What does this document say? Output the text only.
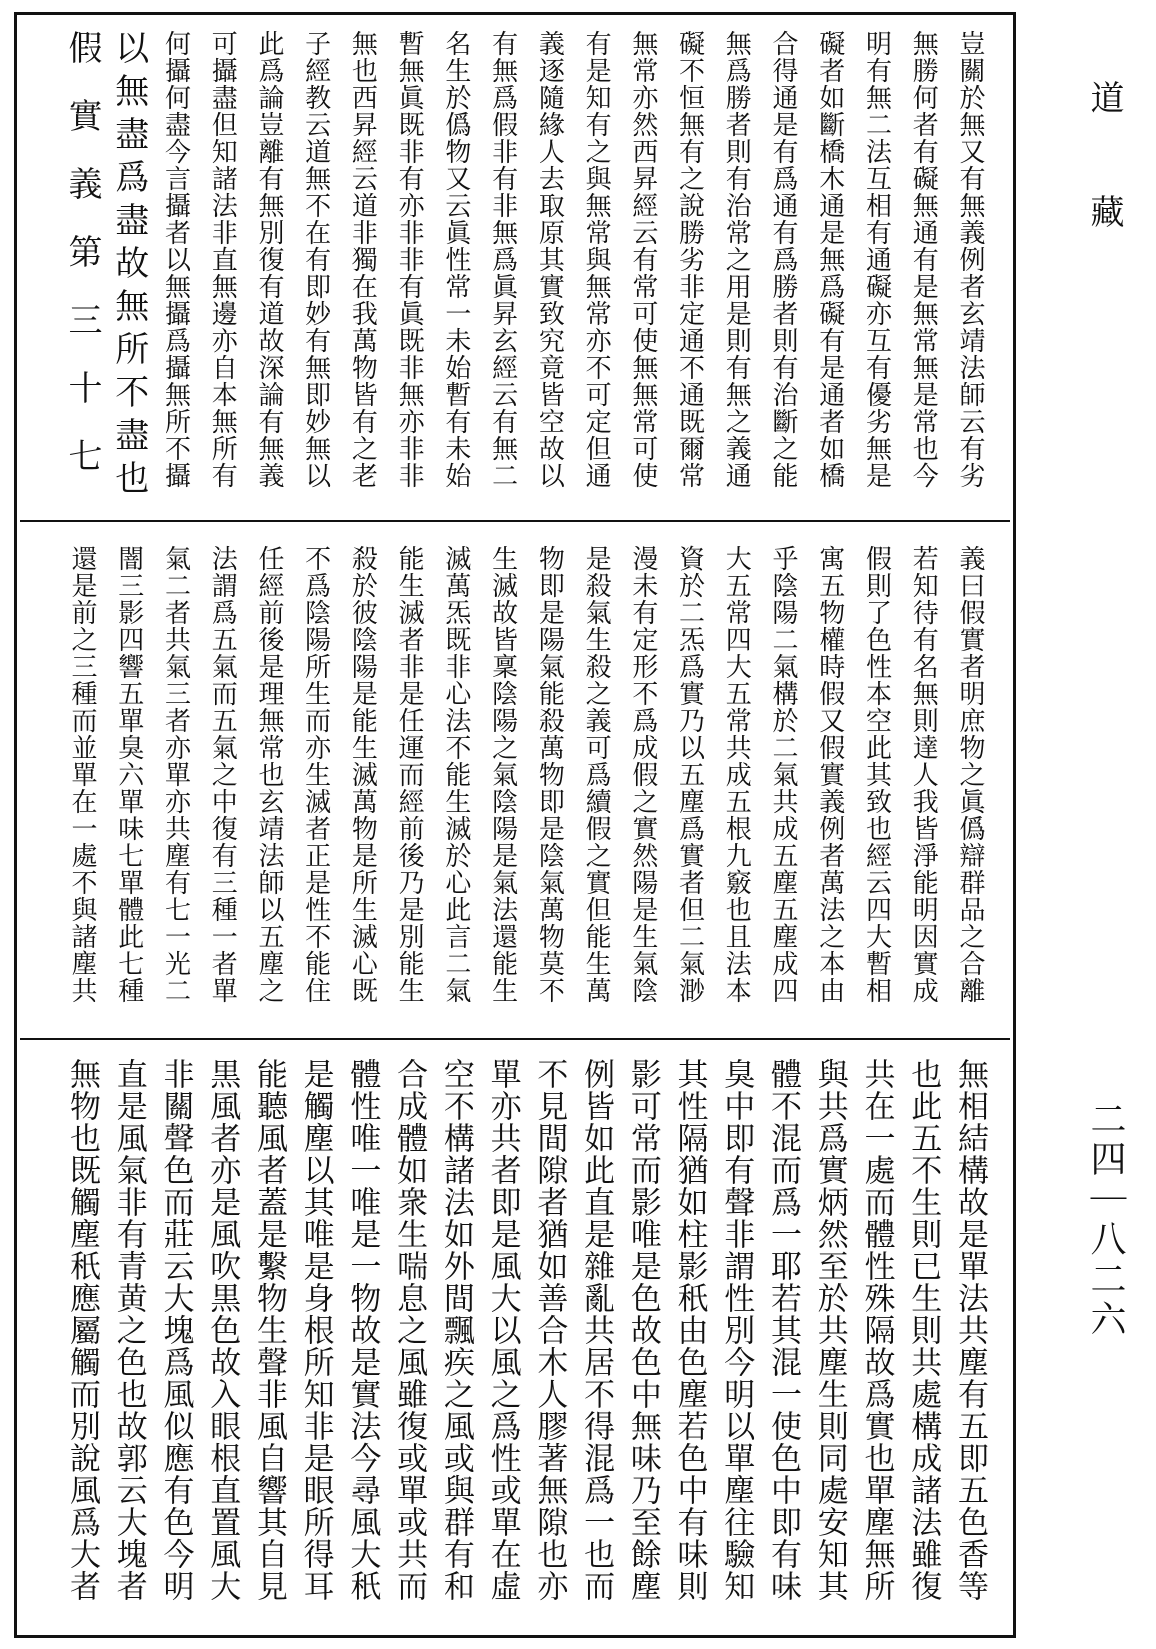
豈關於無又有無義例者玄靖法師云有劣
無勝何者有礙無通有是無常無是常也今
明有無二法互相有通礙亦互有優劣無是
礙者如斷橋木通是無爲礙有是通者如橋
合得通是有爲通有爲勝者則有治斷之能
無爲勝者則有治常之用是則有無之義通
礙不恒無有之說勝劣非定通不通既爾常
無常亦然西昇經云有常可使無無常可使
有是知有之與無常與無常亦不可定但通
義逐隨緣人去取原其實致究竟皆空故以
有無爲假非有非無爲眞昇玄經云有無二
名生於僞物又云眞性常一未始暫有未始
暫無眞既非有亦非非有眞既非無亦非非
無也西昇經云道非獨在我萬物皆有之老
子經教云道無不在有即妙有無即妙無以
此爲論豈離有無別復有道故深論有無義
可攝盡但知諸法非直無邊亦自本無所有
何攝何盡今言攝者以無攝爲攝無所不攝
以無盡爲盡故無所不盡也
假實義第三十七
義曰假實者明庶物之眞僞辯群品之合離
若知待有名無則達人我皆淨能明因實成
假則了色性本空此其致也經云四大暫相
寓五物權時假又假實義例者萬法之本由
乎陰陽二氣構於二氣共成五塵五塵成四
大五常四大五常共成五根九竅也且法本
資於二炁爲實乃以五塵爲實者但二氣渺
漫未有定形不爲成假之實然陽是生氣陰
是殺氣生殺之義可爲續假之實但能生萬
物即是陽氣能殺萬物即是陰氣萬物莫不
生滅故皆稟陰陽之氣陰陽是氣法還能生
滅萬炁既非心法不能生滅於心此言二氣
能生滅者非是任運而經前後乃是別能生
殺於彼陰陽是能生滅萬物是所生滅心既
不爲陰陽所生而亦生滅者正是性不能住
任經前後是理無常也玄靖法師以五塵之
法謂爲五氣而五氣之中復有三種一者單
氣二者共氣三者亦單亦共塵有七一光二
闇三影四響五單臭六單味七單體此七種
還是前之三種而並單在一處不與諸塵共
無相結構故是單法共塵有五即五色香等
也此五不生則已生則共處構成諸法雖復
共在一處而體性殊隔故爲實也單塵無所
與共爲實炳然至於共塵生則同處安知其
體不混而爲一耶若其混一使色中即有味
臭中即有聲非謂性別今明以單塵往驗知
其性隔猶如柱影秖由色塵若色中有味則
影可常而影唯是色故色中無味乃至餘塵
例皆如此直是雜亂共居不得混爲一也而
不見間隙者猶如善合木人膠著無隙也亦
單亦共者即是風大以風之爲性或單在虛
空不構諸法如外間飄疾之風或與群有和
合成體如衆生喘息之風雖復或單或共而
體性唯一唯是一物故是實法今尋風大秖
是觸塵以其唯是身根所知非是眼所得耳
能聽風者蓋是繫物生聲非風自響其自見
黒風者亦是風吹黒色故入眼根直置風大
非關聲色而莊云大塊爲風似應有色今明
直是風氣非有青黄之色也故郭云大塊者
無物也既觸塵秖應屬觸而別說風爲大者
道藏
二四｜八二六
